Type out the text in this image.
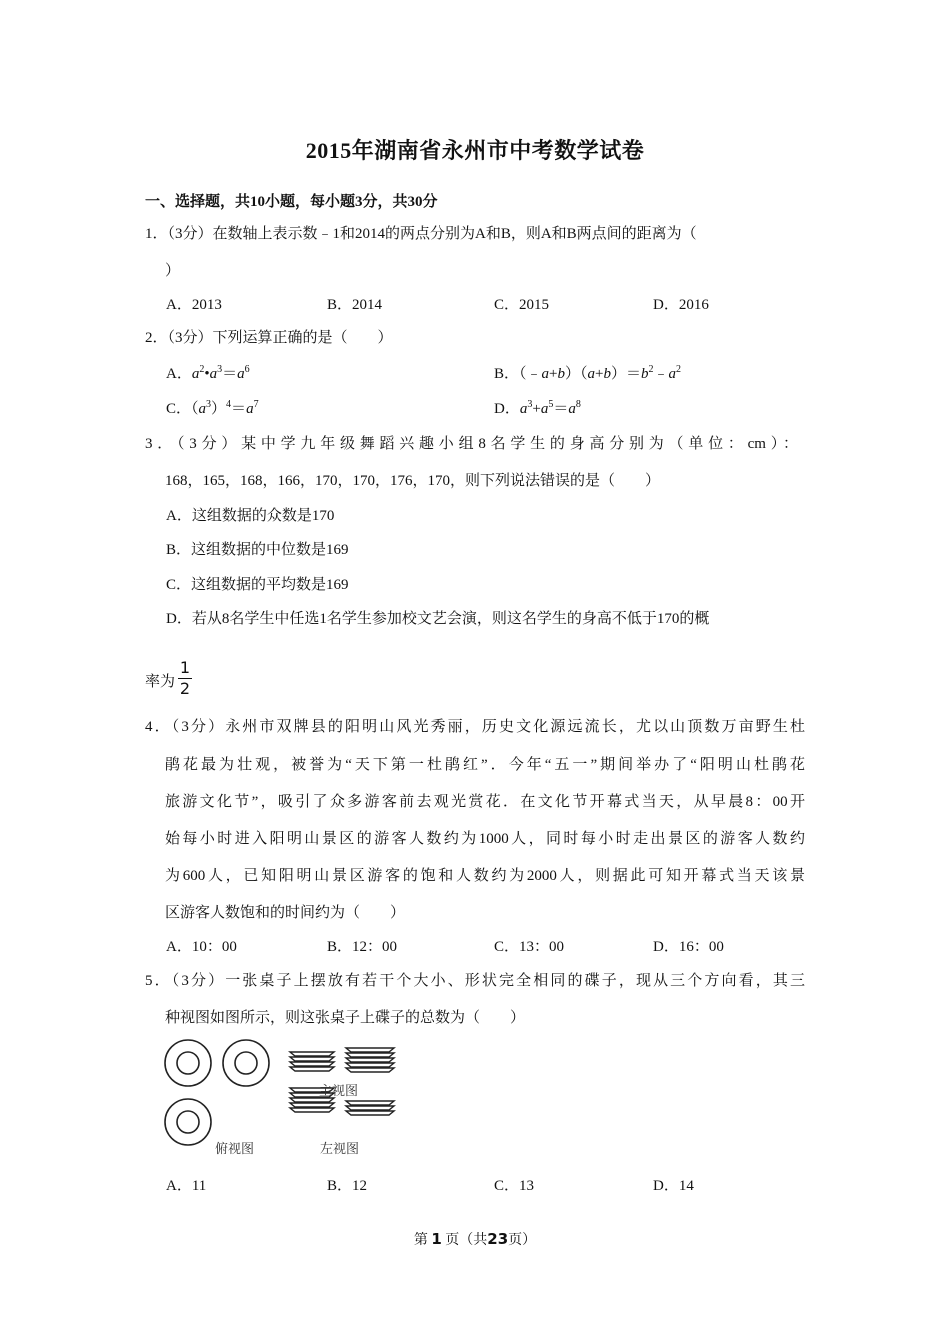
2015年湖南省永州市中考数学试卷
一、选择题，共10小题，每小题3分，共30分
1．（3分）在数轴上表示数﹣1和2014的两点分别为A和B，则A和B两点间的距离为（
）
A．2013	B．2014	C．2015	D．2016
2．（3分）下列运算正确的是（　　）
A．$a^2•a^3=a^6$	B．$(﹣a+b)(a+b)=b^2﹣a^2$
C．$(a^3)^4=a^7$	D．$a^3+a^5=a^8$
3．（3分）某中学九年级舞蹈兴趣小组8名学生的身高分别为（单位：cm）：
168，165，168，166，170，170，176，170，则下列说法错误的是（　　）
A．这组数据的众数是170
B．这组数据的中位数是169
C．这组数据的平均数是169
D．若从8名学生中任选1名学生参加校文艺会演，则这名学生的身高不低于170的概
率为
1
2
4．（3分）永州市双牌县的阳明山风光秀丽，历史文化源远流长，尤以山顶数万亩野生杜
鹃花最为壮观，被誉为“天下第一杜鹃红”．今年“五一”期间举办了“阳明山杜鹃花
旅游文化节”，吸引了众多游客前去观光赏花．在文化节开幕式当天，从早晨8：00开
始每小时进入阳明山景区的游客人数约为1000人，同时每小时走出景区的游客人数约
为600人，已知阳明山景区游客的饱和人数约为2000人，则据此可知开幕式当天该景
区游客人数饱和的时间约为（　　）
A．10：00	B．12：00	C．13：00	D．16：00
5．（3分）一张桌子上摆放有若干个大小、形状完全相同的碟子，现从三个方向看，其三
种视图如图所示，则这张桌子上碟子的总数为（　　）
主视图
俯视图	左视图
A．11	B．12	C．13	D．14
第 1 页（共23页）
